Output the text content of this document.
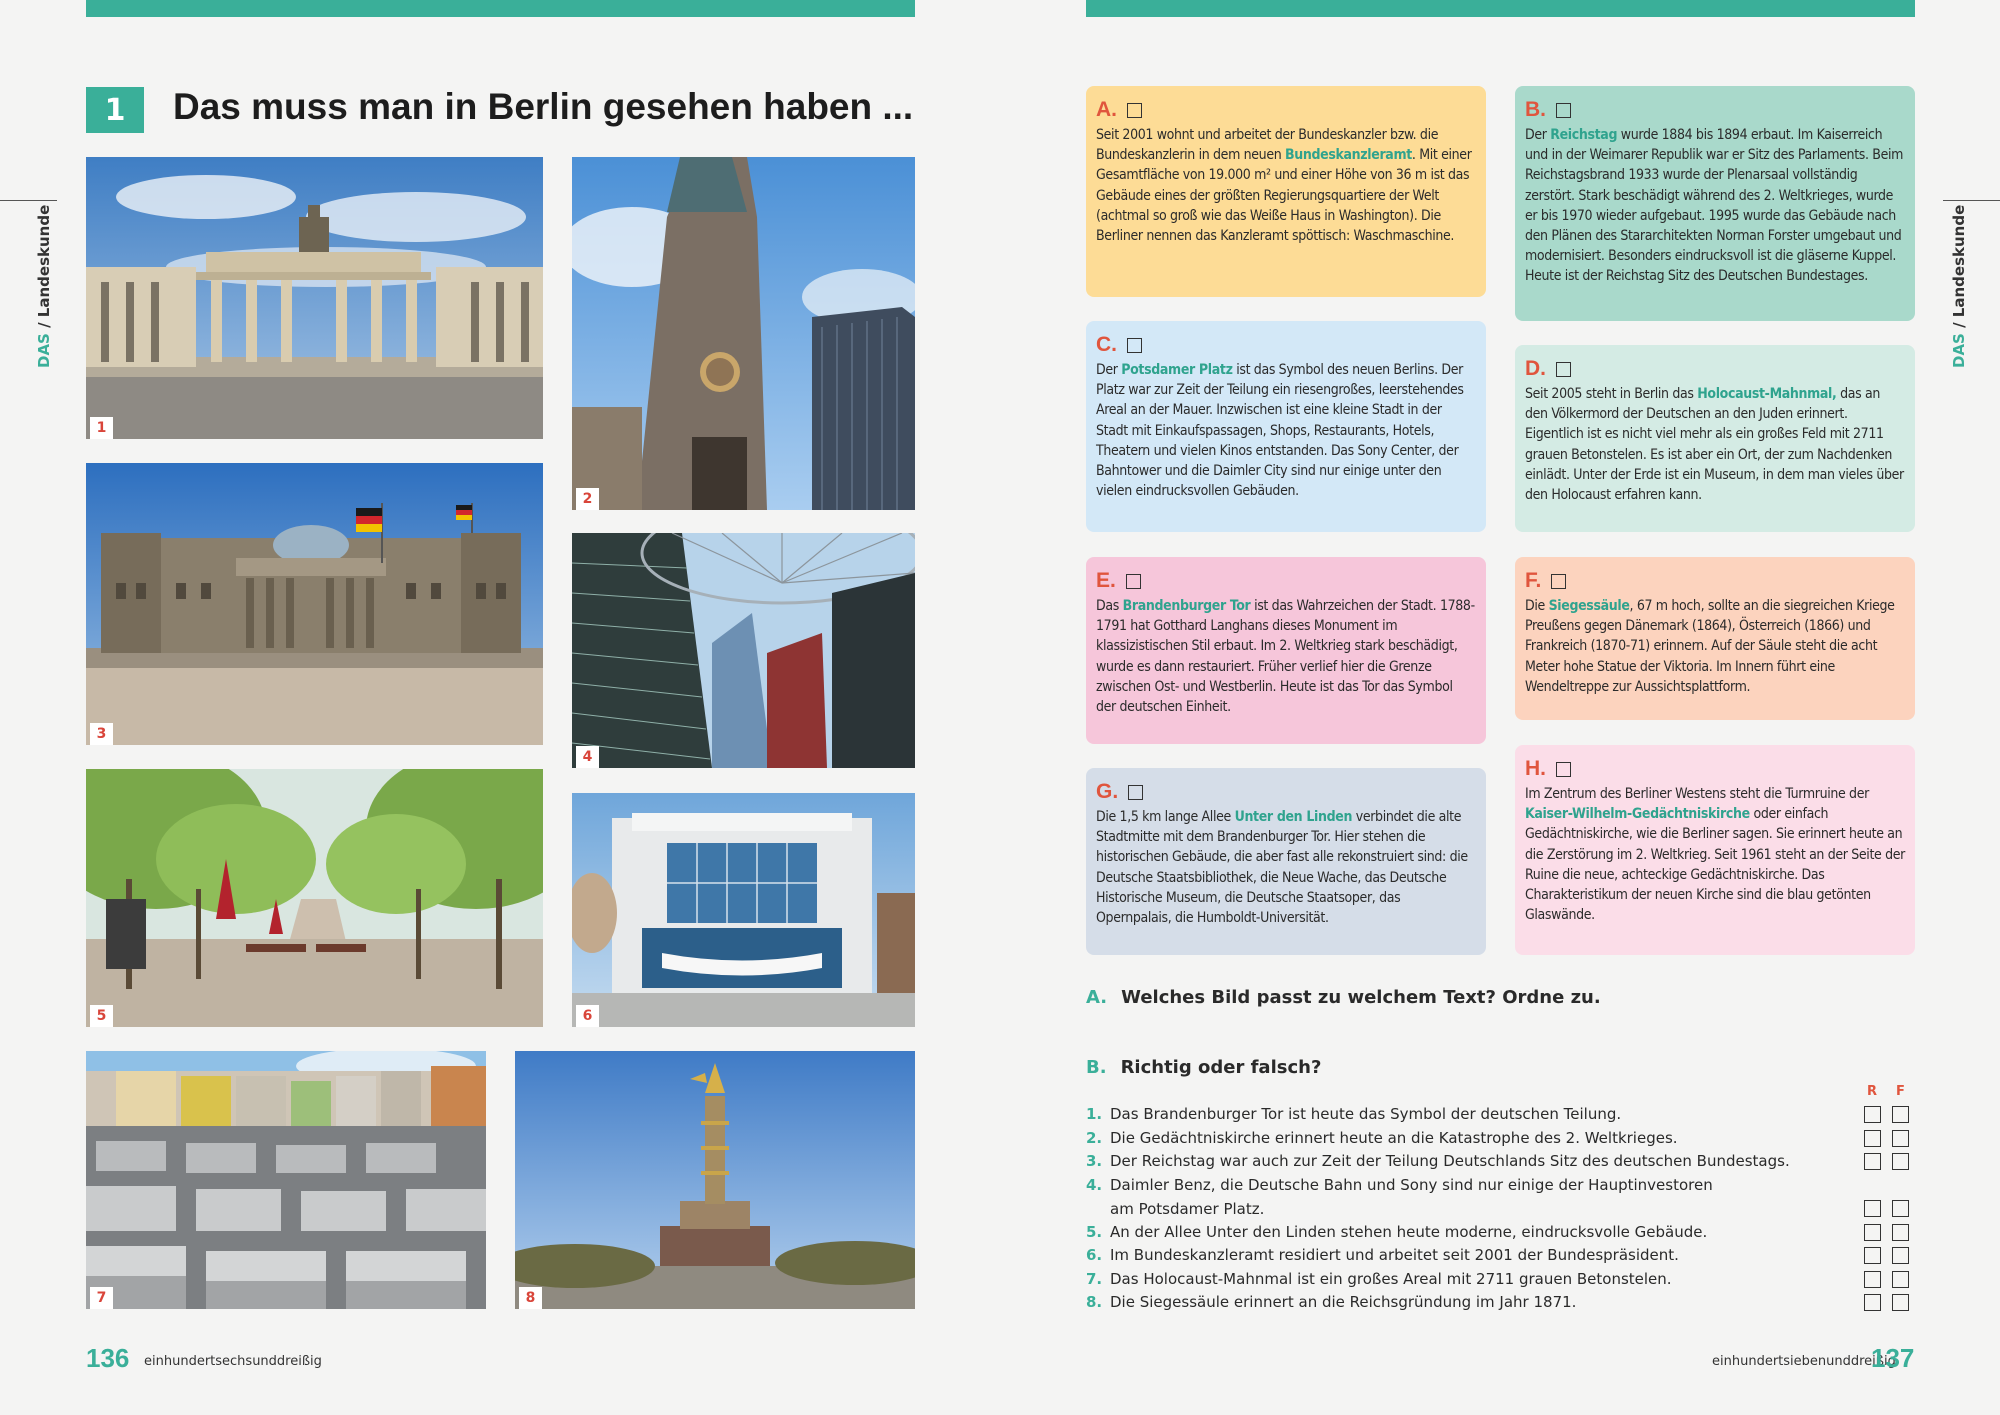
DAS / Landeskunde
DAS / Landeskunde
1	Das muss man in Berlin gesehen haben ...
1
2
3
4
5	6
7	8
A.
Seit 2001 wohnt und arbeitet der Bundeskanzler bzw. die Bundeskanzlerin in dem neuen Bundeskanzleramt. Mit einer Gesamtfläche von 19.000 m² und einer Höhe von 36 m ist das Gebäude eines der größten Regierungsquartiere der Welt (achtmal so groß wie das Weiße Haus in Washington). Die Berliner nennen das Kanzleramt spöttisch: Waschmaschine.
B.
Der Reichstag wurde 1884 bis 1894 erbaut. Im Kaiserreich und in der Weimarer Republik war er Sitz des Parlaments. Beim Reichstagsbrand 1933 wurde der Plenarsaal vollständig zerstört. Stark beschädigt während des 2. Weltkrieges, wurde er bis 1970 wieder aufgebaut. 1995 wurde das Gebäude nach den Plänen des Stararchitekten Norman Forster umgebaut und modernisiert. Besonders eindrucksvoll ist die gläserne Kuppel. Heute ist der Reichstag Sitz des Deutschen Bundestages.
C.
Der Potsdamer Platz ist das Symbol des neuen Berlins. Der Platz war zur Zeit der Teilung ein riesengroßes, leerstehendes Areal an der Mauer. Inzwischen ist eine kleine Stadt in der Stadt mit Einkaufspassagen, Shops, Restaurants, Hotels, Theatern und vielen Kinos entstanden. Das Sony Center, der Bahntower und die Daimler City sind nur einige unter den vielen eindrucksvollen Gebäuden.
D.
Seit 2005 steht in Berlin das Holocaust-Mahnmal, das an den Völkermord der Deutschen an den Juden erinnert. Eigentlich ist es nicht viel mehr als ein großes Feld mit 2711 grauen Betonstelen. Es ist aber ein Ort, der zum Nachdenken einlädt. Unter der Erde ist ein Museum, in dem man vieles über den Holocaust erfahren kann.
E.
Das Brandenburger Tor ist das Wahrzeichen der Stadt. 1788-1791 hat Gotthard Langhans dieses Monument im klassizistischen Stil erbaut. Im 2. Weltkrieg stark beschädigt, wurde es dann restauriert. Früher verlief hier die Grenze zwischen Ost- und Westberlin. Heute ist das Tor das Symbol der deutschen Einheit.
F.
Die Siegessäule, 67 m hoch, sollte an die siegreichen Kriege Preußens gegen Dänemark (1864), Österreich (1866) und Frankreich (1870-71) erinnern. Auf der Säule steht die acht Meter hohe Statue der Viktoria. Im Innern führt eine Wendeltreppe zur Aussichtsplattform.
G.
Die 1,5 km lange Allee Unter den Linden verbindet die alte Stadtmitte mit dem Brandenburger Tor. Hier stehen die historischen Gebäude, die aber fast alle rekonstruiert sind: die Deutsche Staatsbibliothek, die Neue Wache, das Deutsche Historische Museum, die Deutsche Staatsoper, das Opernpalais, die Humboldt-Universität.
H.
Im Zentrum des Berliner Westens steht die Turmruine der Kaiser-Wilhelm-Gedächtniskirche oder einfach Gedächtniskirche, wie die Berliner sagen. Sie erinnert heute an die Zerstörung im 2. Weltkrieg. Seit 1961 steht an der Seite der Ruine die neue, achteckige Gedächtniskirche. Das Charakteristikum der neuen Kirche sind die blau getönten Glaswände.
A. Welches Bild passt zu welchem Text? Ordne zu.
B. Richtig oder falsch?
R F
1. Das Brandenburger Tor ist heute das Symbol der deutschen Teilung.
2. Die Gedächtniskirche erinnert heute an die Katastrophe des 2. Weltkrieges.
3. Der Reichstag war auch zur Zeit der Teilung Deutschlands Sitz des deutschen Bundestags.
4. Daimler Benz, die Deutsche Bahn und Sony sind nur einige der Hauptinvestoren
am Potsdamer Platz.
5. An der Allee Unter den Linden stehen heute moderne, eindrucksvolle Gebäude.
6. Im Bundeskanzleramt residiert und arbeitet seit 2001 der Bundespräsident.
7. Das Holocaust-Mahnmal ist ein großes Areal mit 2711 grauen Betonstelen.
8. Die Siegessäule erinnert an die Reichsgründung im Jahr 1871.
136 einhundertsechsunddreißig	einhundertsiebenunddreißig
137
